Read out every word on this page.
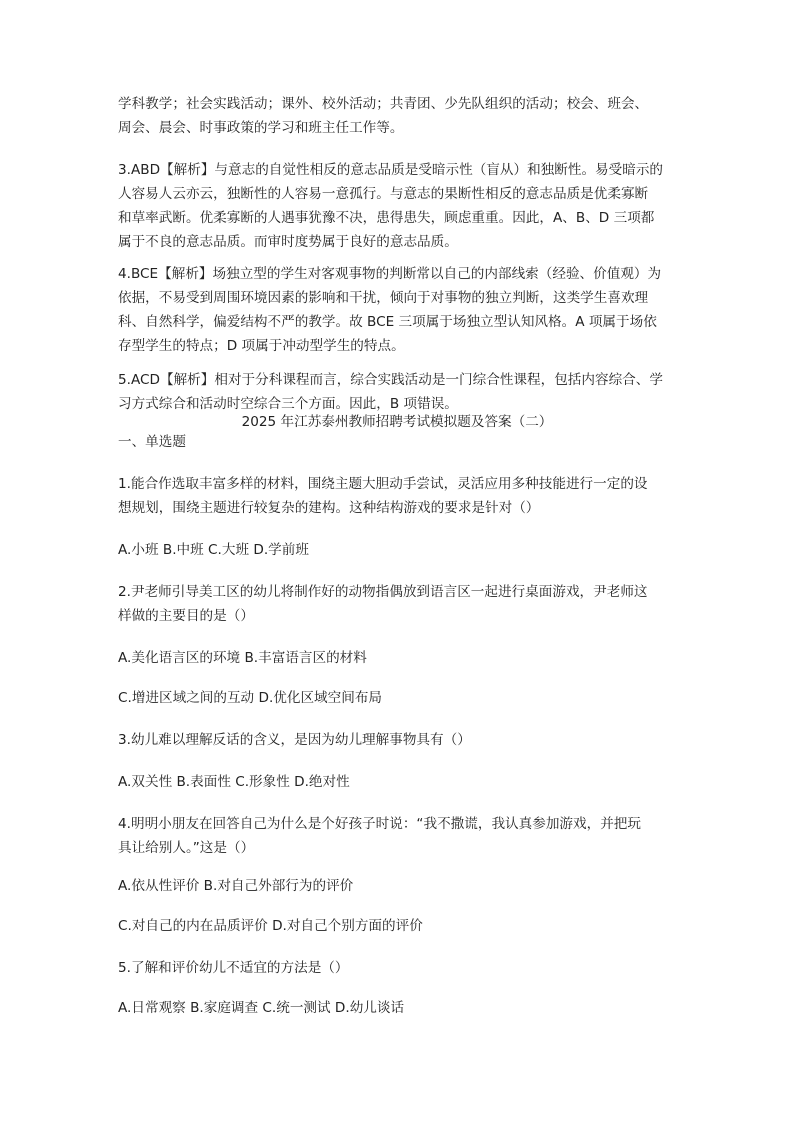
学科教学；社会实践活动；课外、校外活动；共青团、少先队组织的活动；校会、班会、
周会、晨会、时事政策的学习和班主任工作等。
3.ABD【解析】与意志的自觉性相反的意志品质是受暗示性（盲从）和独断性。易受暗示的
人容易人云亦云，独断性的人容易一意孤行。与意志的果断性相反的意志品质是优柔寡断
和草率武断。优柔寡断的人遇事犹豫不决，患得患失，顾虑重重。因此，A、B、D 三项都
属于不良的意志品质。而审时度势属于良好的意志品质。
4.BCE【解析】场独立型的学生对客观事物的判断常以自己的内部线索（经验、价值观）为
依据，不易受到周围环境因素的影响和干扰，倾向于对事物的独立判断，这类学生喜欢理
科、自然科学，偏爱结构不严的教学。故 BCE 三项属于场独立型认知风格。A 项属于场依
存型学生的特点；D 项属于冲动型学生的特点。
5.ACD【解析】相对于分科课程而言，综合实践活动是一门综合性课程，包括内容综合、学
习方式综合和活动时空综合三个方面。因此，B 项错误。
2025 年江苏泰州教师招聘考试模拟题及答案（二）
一、单选题
1.能合作选取丰富多样的材料，围绕主题大胆动手尝试，灵活应用多种技能进行一定的设
想规划，围绕主题进行较复杂的建构。这种结构游戏的要求是针对（）
A.小班 B.中班 C.大班 D.学前班
2.尹老师引导美工区的幼儿将制作好的动物指偶放到语言区一起进行桌面游戏，尹老师这
样做的主要目的是（）
A.美化语言区的环境 B.丰富语言区的材料
C.增进区域之间的互动 D.优化区域空间布局
3.幼儿难以理解反话的含义，是因为幼儿理解事物具有（）
A.双关性 B.表面性 C.形象性 D.绝对性
4.明明小朋友在回答自己为什么是个好孩子时说：“我不撒谎，我认真参加游戏，并把玩
具让给别人。”这是（）
A.依从性评价 B.对自己外部行为的评价
C.对自己的内在品质评价 D.对自己个别方面的评价
5.了解和评价幼儿不适宜的方法是（）
A.日常观察 B.家庭调查 C.统一测试 D.幼儿谈话
